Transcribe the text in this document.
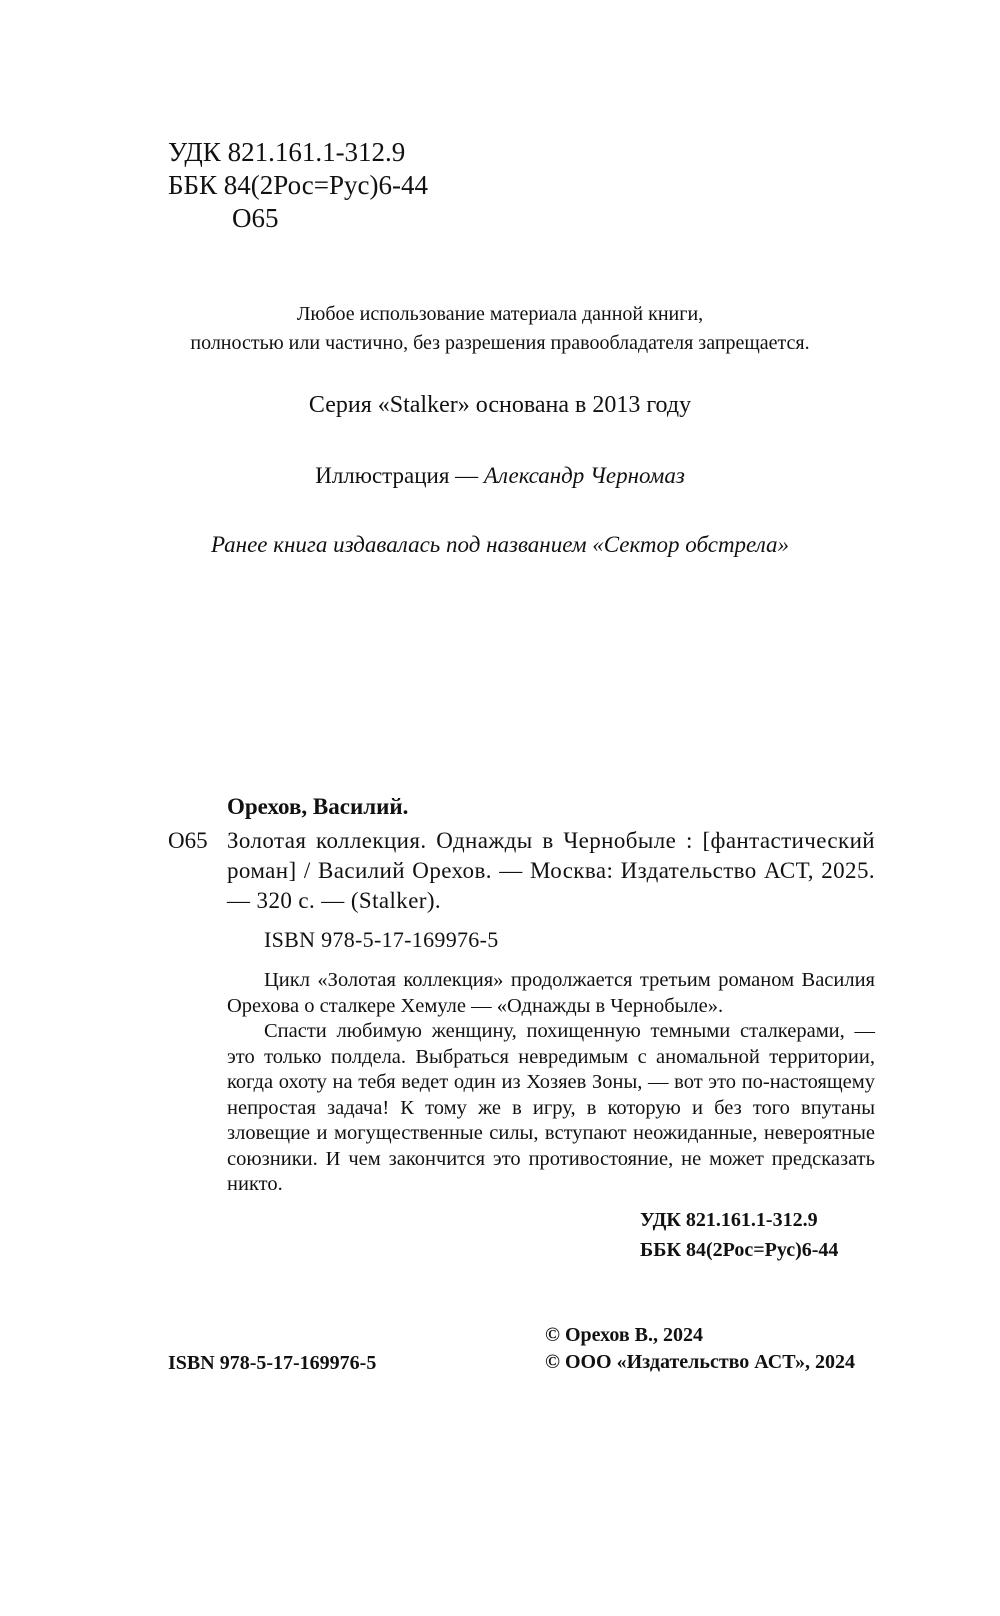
УДК 821.161.1-312.9
ББК 84(2Рос=Рус)6-44
О65
Любое использование материала данной книги,
полностью или частично, без разрешения правообладателя запрещается.
Серия «Stalker» основана в 2013 году
Иллюстрация — Александр Черномаз
Ранее книга издавалась под названием «Сектор обстрела»
Орехов, Василий.
О65 Золотая коллекция. Однажды в Чернобыле : [фантастический роман] / Василий Орехов. — Москва: Издательство АСТ, 2025. — 320 с. — (Stalker).
ISBN 978-5-17-169976-5

Цикл «Золотая коллекция» продолжается третьим романом Василия Орехова о сталкере Хемуле — «Однажды в Чернобыле».

Спасти любимую женщину, похищенную темными сталкерами, — это только полдела. Выбраться невредимым с аномальной территории, когда охоту на тебя ведет один из Хозяев Зоны, — вот это по-настоящему непростая задача! К тому же в игру, в которую и без того впутаны зловещие и могущественные силы, вступают неожиданные, невероятные союзники. И чем закончится это противостояние, не может предсказать никто.

УДК 821.161.1-312.9
ББК 84(2Рос=Рус)6-44
ISBN 978-5-17-169976-5
© Орехов В., 2024
© ООО «Издательство АСТ», 2024
